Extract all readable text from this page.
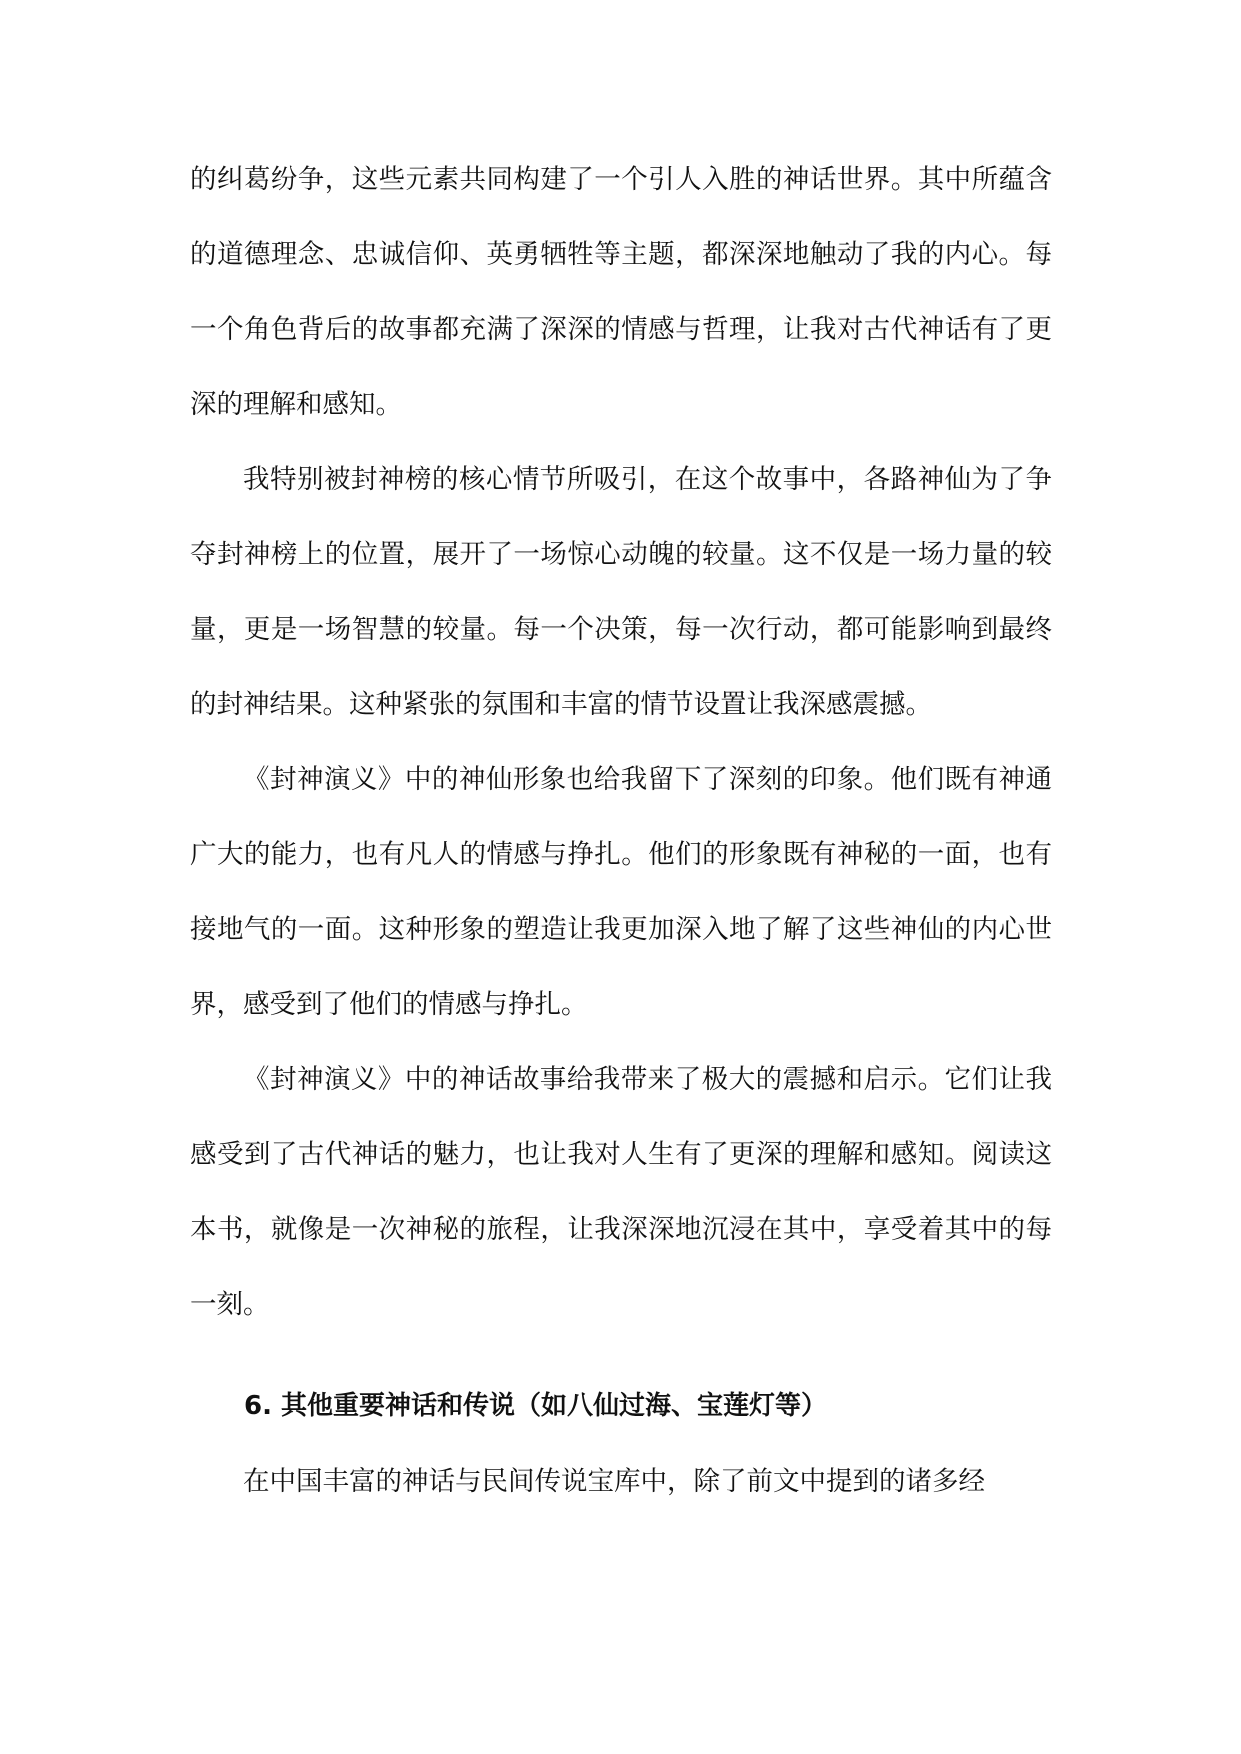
的纠葛纷争，这些元素共同构建了一个引人入胜的神话世界。其中所蕴含的道德理念、忠诚信仰、英勇牺牲等主题，都深深地触动了我的内心。每一个角色背后的故事都充满了深深的情感与哲理，让我对古代神话有了更深的理解和感知。

我特别被封神榜的核心情节所吸引，在这个故事中，各路神仙为了争夺封神榜上的位置，展开了一场惊心动魄的较量。这不仅是一场力量的较量，更是一场智慧的较量。每一个决策，每一次行动，都可能影响到最终的封神结果。这种紧张的氛围和丰富的情节设置让我深感震撼。

《封神演义》中的神仙形象也给我留下了深刻的印象。他们既有神通广大的能力，也有凡人的情感与挣扎。他们的形象既有神秘的一面，也有接地气的一面。这种形象的塑造让我更加深入地了解了这些神仙的内心世界，感受到了他们的情感与挣扎。

《封神演义》中的神话故事给我带来了极大的震撼和启示。它们让我感受到了古代神话的魅力，也让我对人生有了更深的理解和感知。阅读这本书，就像是一次神秘的旅程，让我深深地沉浸在其中，享受着其中的每一刻。

6. 其他重要神话和传说（如八仙过海、宝莲灯等）

在中国丰富的神话与民间传说宝库中，除了前文中提到的诸多经
